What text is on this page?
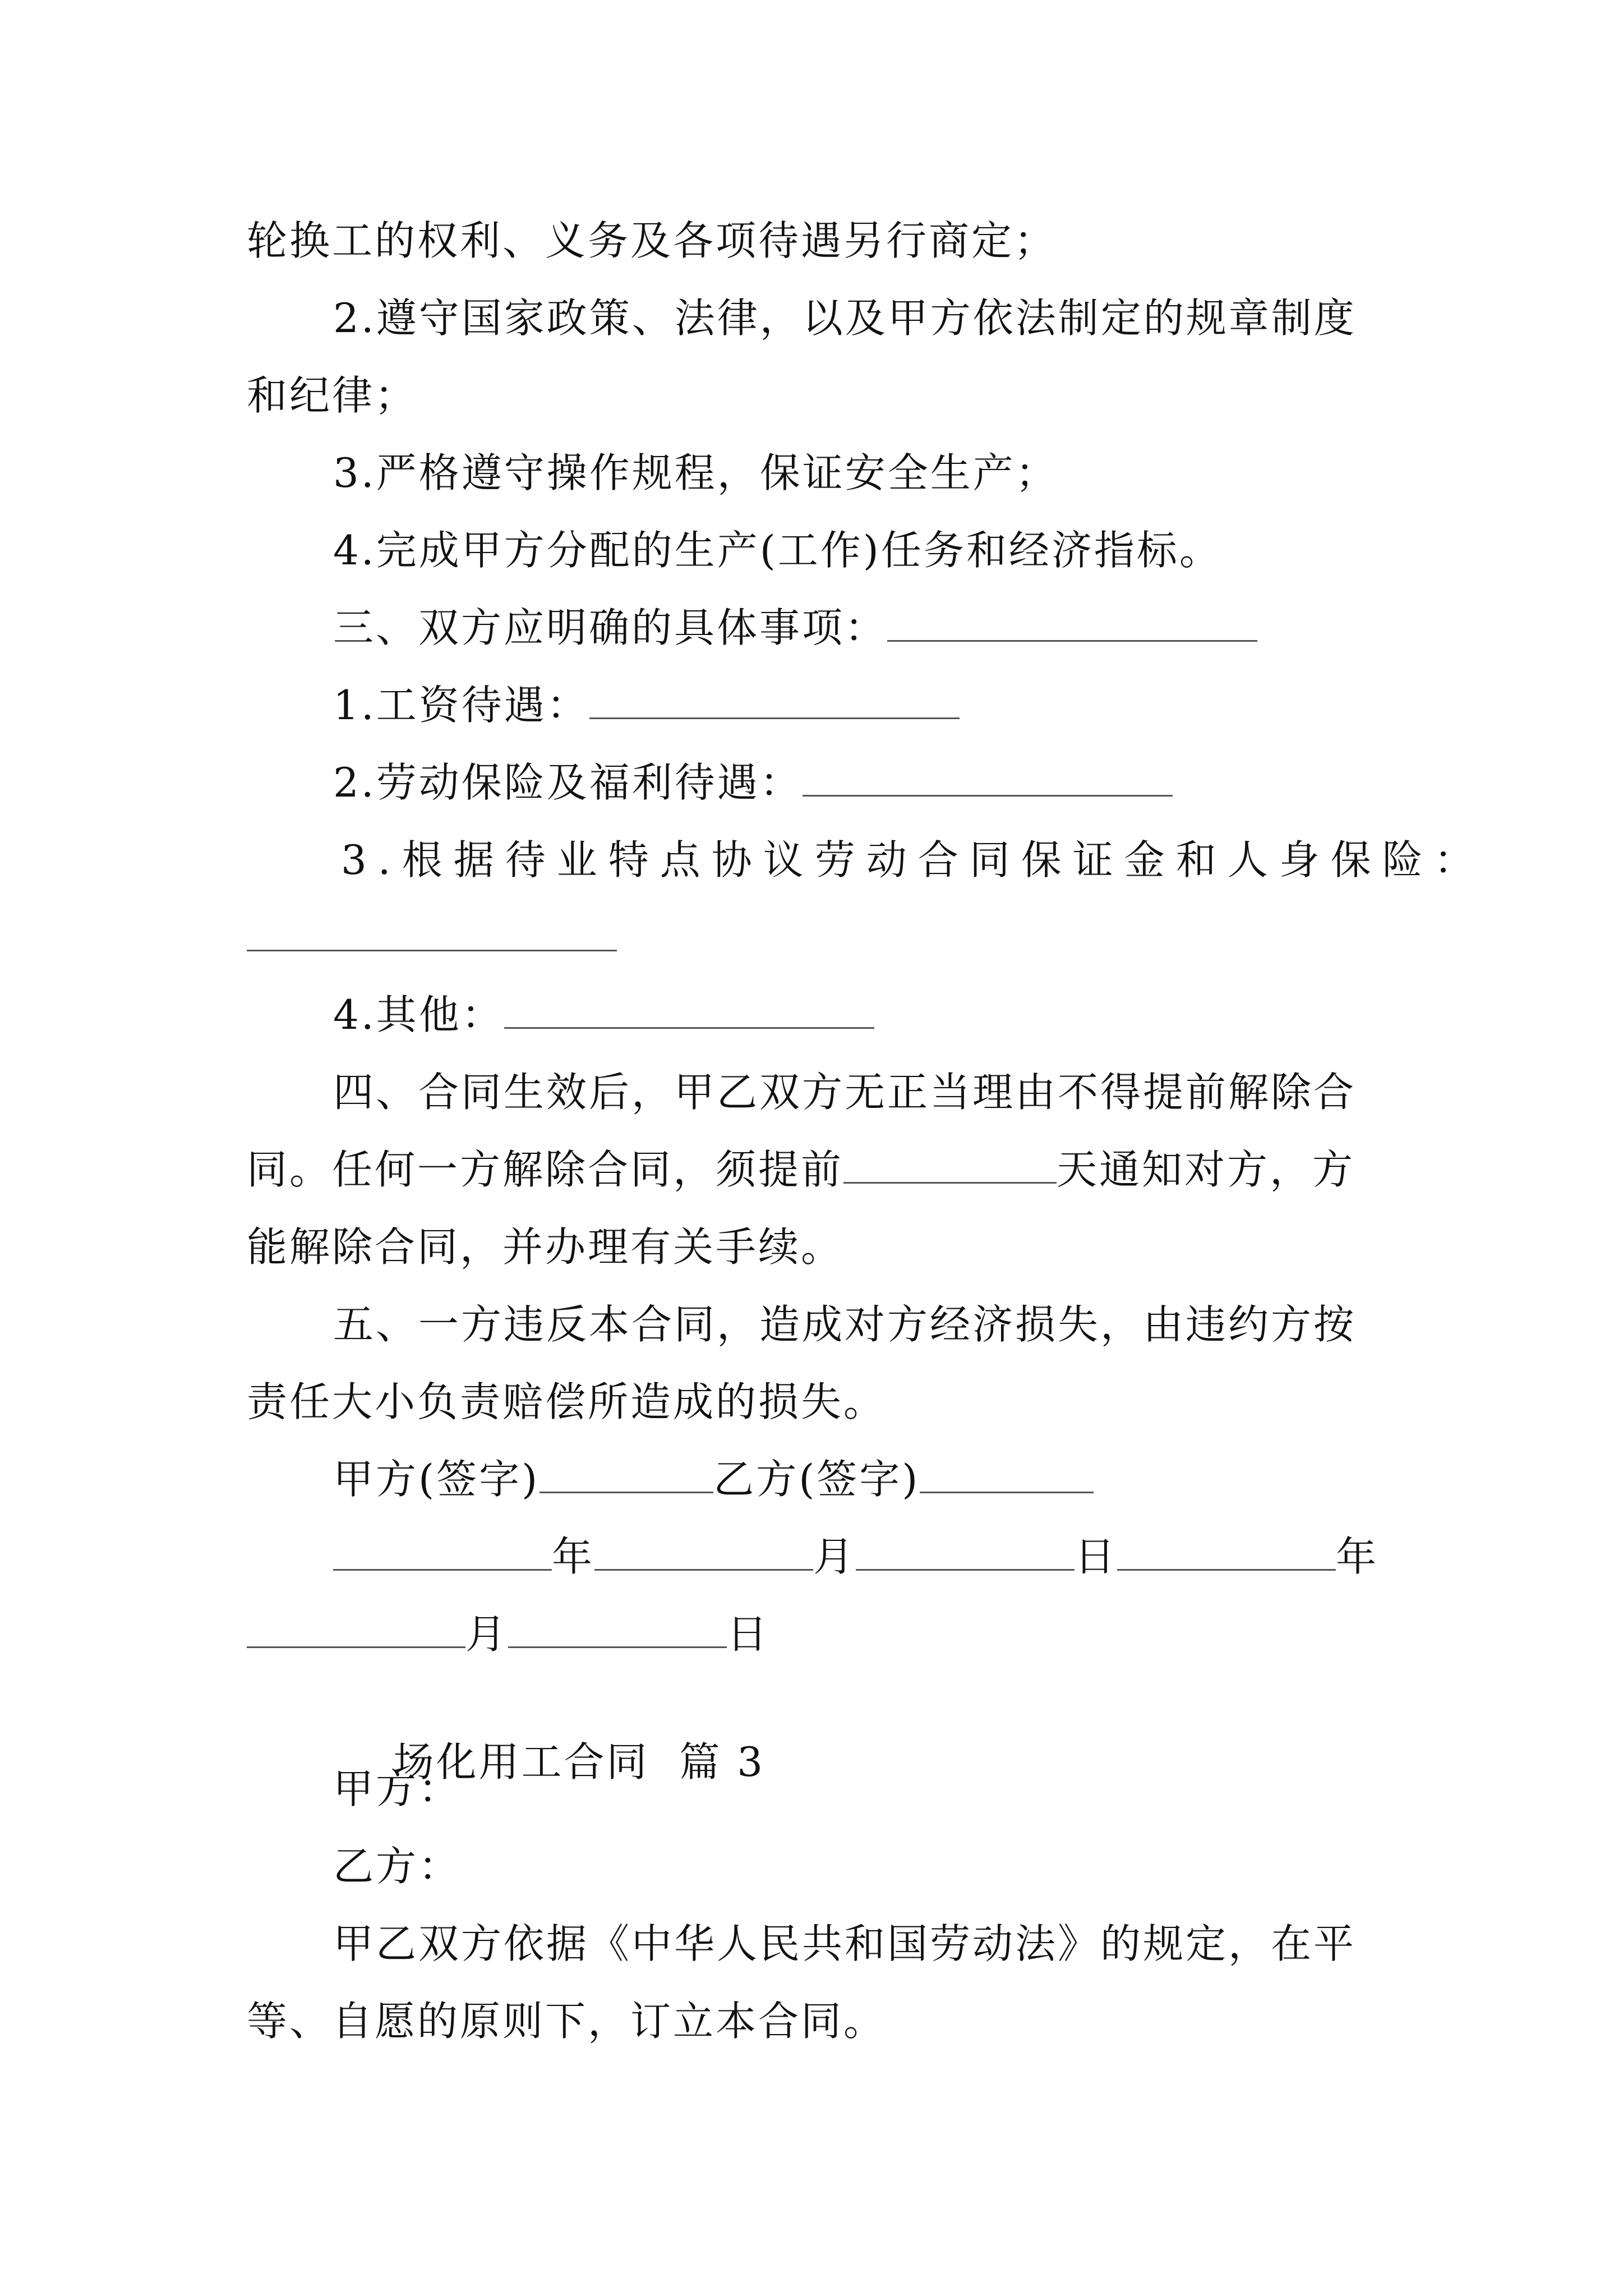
轮换工的权利、义务及各项待遇另行商定；
2.遵守国家政策、法律，以及甲方依法制定的规章制度
和纪律；
3.严格遵守操作规程，保证安全生产；
4.完成甲方分配的生产(工作)任务和经济指标。
三、双方应明确的具体事项：
1.工资待遇：
2.劳动保险及福利待遇：
3.根据待业特点协议劳动合同保证金和人身保险：
4.其他：
四、合同生效后，甲乙双方无正当理由不得提前解除合
同。任何一方解除合同，须提前	天通知对方，方
能解除合同，并办理有关手续。
五、一方违反本合同，造成对方经济损失，由违约方按
责任大小负责赔偿所造成的损失。
甲方(签字)	乙方(签字)
年	月	日	年
月	日

场化用工合同  篇 3

甲方：
乙方：
甲乙双方依据《中华人民共和国劳动法》的规定，在平
等、自愿的原则下，订立本合同。
